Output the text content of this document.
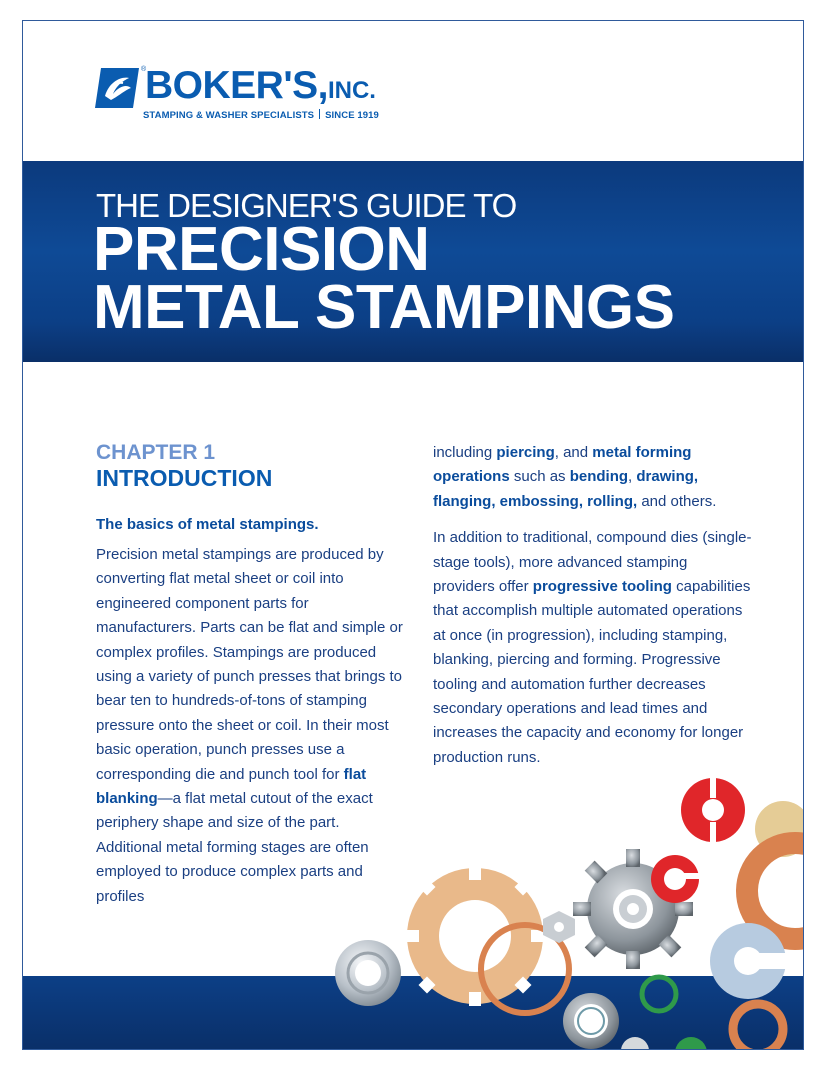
®
BOKER'S,INC.
STAMPING & WASHER SPECIALISTS SINCE 1919
THE DESIGNER'S GUIDE TO
PRECISION
METAL STAMPINGS
CHAPTER 1
INTRODUCTION
The basics of metal stampings.

Precision metal stampings are produced by converting flat metal sheet or coil into engineered component parts for manufacturers. Parts can be flat and simple or complex profiles. Stampings are produced using a variety of punch presses that brings to bear ten to hundreds-of-tons of stamping pressure onto the sheet or coil. In their most basic operation, punch presses use a corresponding die and punch tool for flat blanking—a flat metal cutout of the exact periphery shape and size of the part. Additional metal forming stages are often employed to produce complex parts and profiles

including piercing, and metal forming operations such as bending, drawing, flanging, embossing, rolling, and others.

In addition to traditional, compound dies (single-stage tools), more advanced stamping providers offer progressive tooling capabilities that accomplish multiple automated operations at once (in progression), including stamping, blanking, piercing and forming. Progressive tooling and automation further decreases secondary operations and lead times and increases the capacity and economy for longer production runs.
